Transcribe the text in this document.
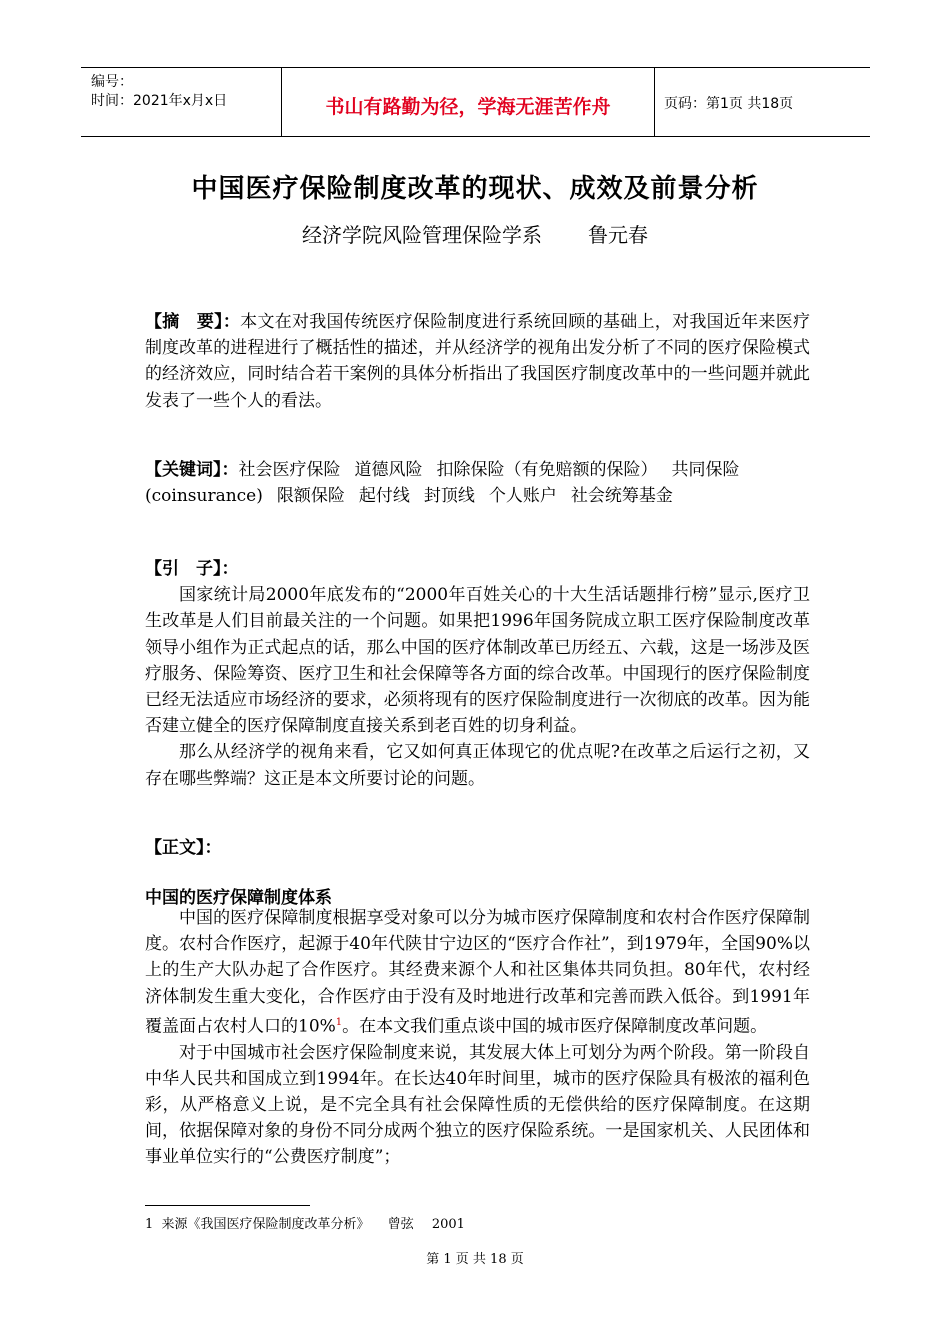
编号：
时间：2021年x月x日	书山有路勤为径，学海无涯苦作舟	页码：第1页 共18页
中国医疗保险制度改革的现状、成效及前景分析
经济学院风险管理保险学系 鲁元春
【摘　要】：本文在对我国传统医疗保险制度进行系统回顾的基础上，对我国近年来医疗制度改革的进程进行了概括性的描述，并从经济学的视角出发分析了不同的医疗保险模式的经济效应，同时结合若干案例的具体分析指出了我国医疗制度改革中的一些问题并就此发表了一些个人的看法。
【关键词】：社会医疗保险 道德风险 扣除保险（有免赔额的保险） 共同保险(coinsurance) 限额保险 起付线 封顶线 个人账户 社会统筹基金
【引　子】：
国家统计局2000年底发布的“2000年百姓关心的十大生活话题排行榜”显示,医疗卫生改革是人们目前最关注的一个问题。如果把1996年国务院成立职工医疗保险制度改革领导小组作为正式起点的话，那么中国的医疗体制改革已历经五、六载，这是一场涉及医疗服务、保险筹资、医疗卫生和社会保障等各方面的综合改革。中国现行的医疗保险制度已经无法适应市场经济的要求，必须将现有的医疗保险制度进行一次彻底的改革。因为能否建立健全的医疗保障制度直接关系到老百姓的切身利益。
那么从经济学的视角来看，它又如何真正体现它的优点呢?在改革之后运行之初，又存在哪些弊端？这正是本文所要讨论的问题。
【正文】：
中国的医疗保障制度体系
中国的医疗保障制度根据享受对象可以分为城市医疗保障制度和农村合作医疗保障制度。农村合作医疗，起源于40年代陕甘宁边区的“医疗合作社”，到1979年，全国90%以上的生产大队办起了合作医疗。其经费来源个人和社区集体共同负担。80年代，农村经济体制发生重大变化，合作医疗由于没有及时地进行改革和完善而跌入低谷。到1991年覆盖面占农村人口的10%$^1$。在本文我们重点谈中国的城市医疗保障制度改革问题。
对于中国城市社会医疗保险制度来说，其发展大体上可划分为两个阶段。第一阶段自中华人民共和国成立到1994年。在长达40年时间里，城市的医疗保险具有极浓的福利色彩，从严格意义上说，是不完全具有社会保障性质的无偿供给的医疗保障制度。在这期间，依据保障对象的身份不同分成两个独立的医疗保险系统。一是国家机关、人民团体和事业单位实行的“公费医疗制度”；
1 来源《我国医疗保险制度改革分析》 曾弦 2001
第 1 页 共 18 页
